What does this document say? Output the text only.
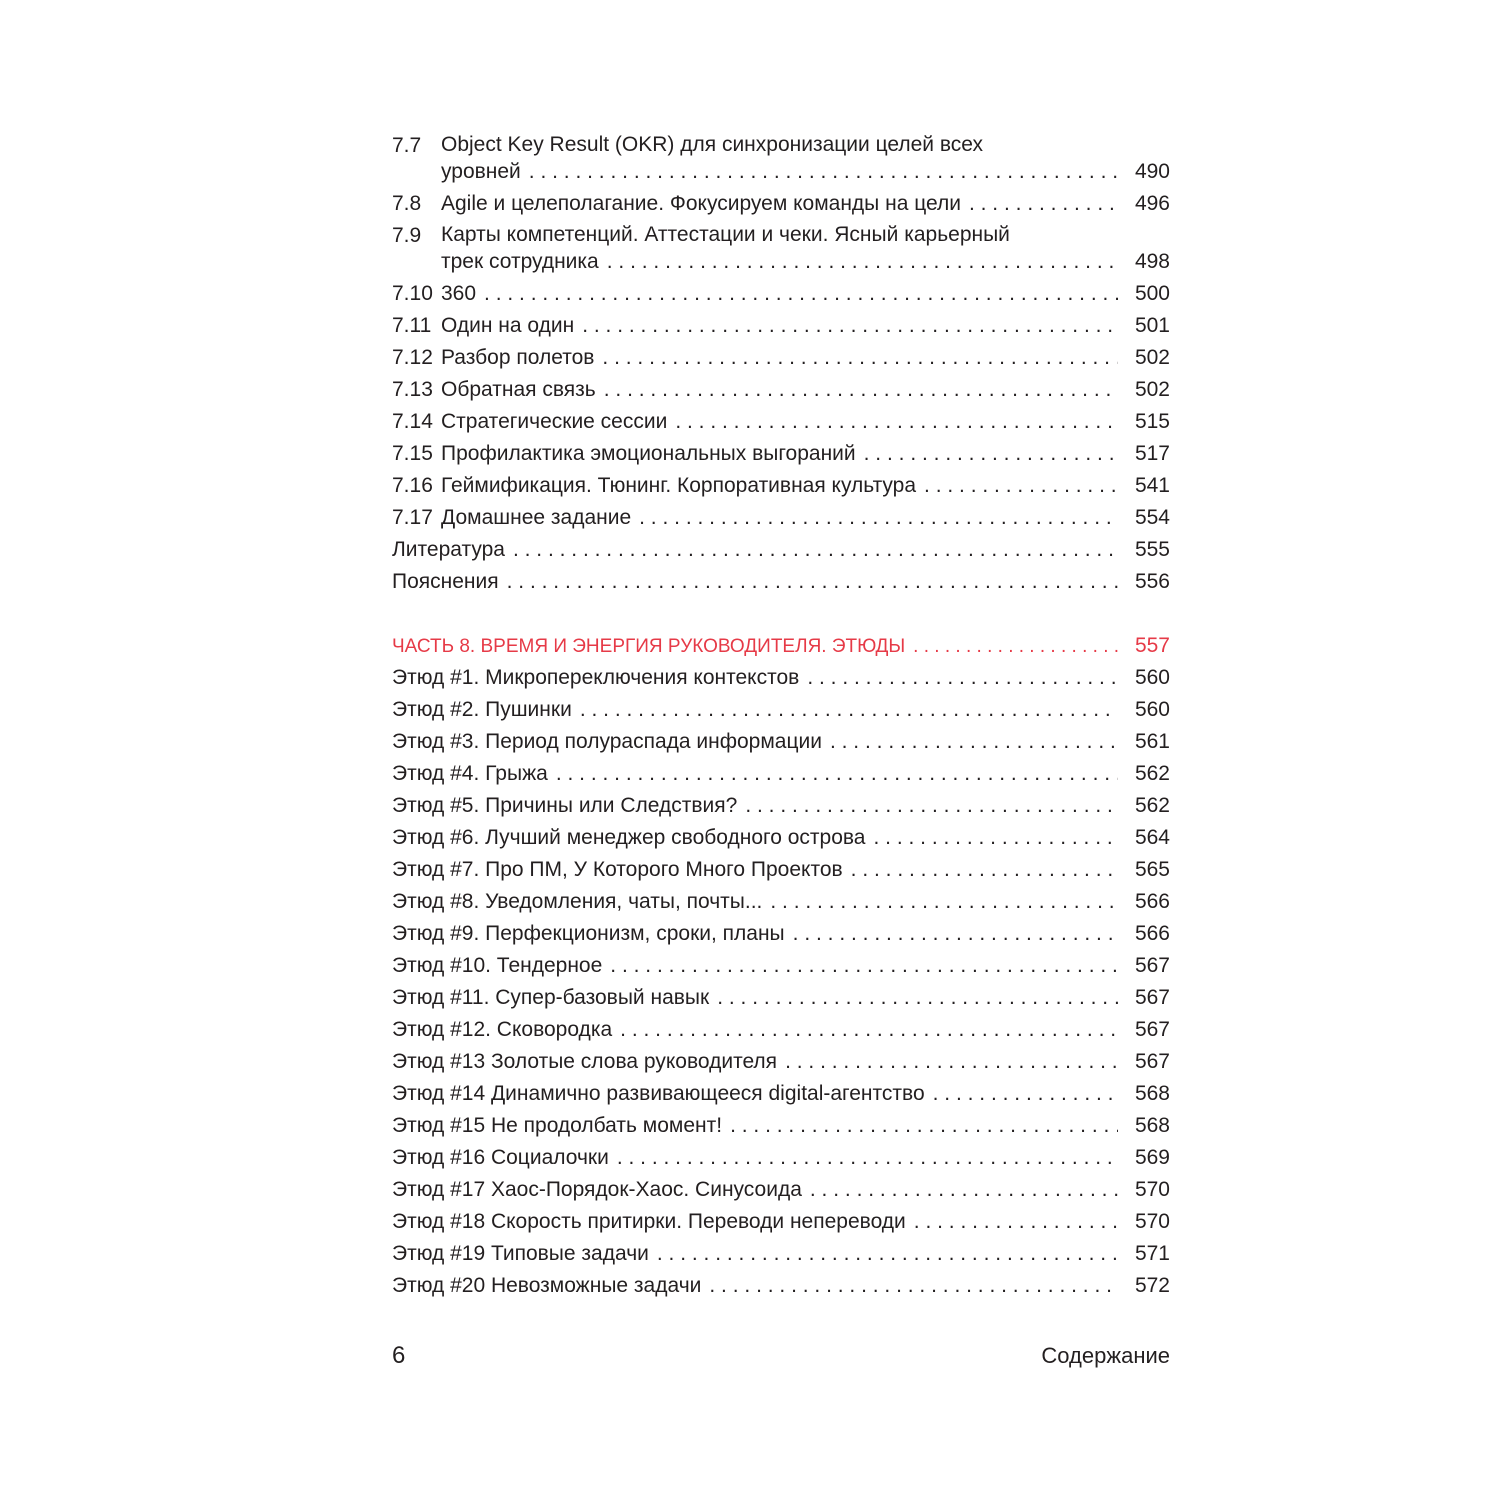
7.7 Object Key Result (OKR) для синхронизации целей всех
уровней . . .	490
7.8 Agile и целеполагание. Фокусируем команды на цели . . .	496
7.9 Карты компетенций. Аттестации и чеки. Ясный карьерный
трек сотрудника . . .	498
7.10 360 . . .	500
7.11 Один на один . . .	501
7.12 Разбор полетов . . .	502
7.13 Обратная связь . . .	502
7.14 Стратегические сессии . . .	515
7.15 Профилактика эмоциональных выгораний . . .	517
7.16 Геймификация. Тюнинг. Корпоративная культура . . .	541
7.17 Домашнее задание . . .	554
Литература . . .	555
Пояснения . . .	556
ЧАСТЬ 8. ВРЕМЯ И ЭНЕРГИЯ РУКОВОДИТЕЛЯ. ЭТЮДЫ . . .	557
Этюд #1. Микропереключения контекстов . . .	560
Этюд #2. Пушинки . . .	560
Этюд #3. Период полураспада информации . . .	561
Этюд #4. Грыжа . . .	562
Этюд #5. Причины или Следствия? . . .	562
Этюд #6. Лучший менеджер свободного острова . . .	564
Этюд #7. Про ПМ, У Которого Много Проектов . . .	565
Этюд #8. Уведомления, чаты, почты... . . .	566
Этюд #9. Перфекционизм, сроки, планы . . .	566
Этюд #10. Тендерное . . .	567
Этюд #11. Супер-базовый навык . . .	567
Этюд #12. Сковородка . . .	567
Этюд #13 Золотые слова руководителя . . .	567
Этюд #14 Динамично развивающееся digital-агентство . . .	568
Этюд #15 Не продолбать момент! . . .	568
Этюд #16 Социалочки . . .	569
Этюд #17 Хаос-Порядок-Хаос. Синусоида . . .	570
Этюд #18 Скорость притирки. Переводи непереводи . . .	570
Этюд #19 Типовые задачи . . .	571
Этюд #20 Невозможные задачи . . .	572
6	Содержание
